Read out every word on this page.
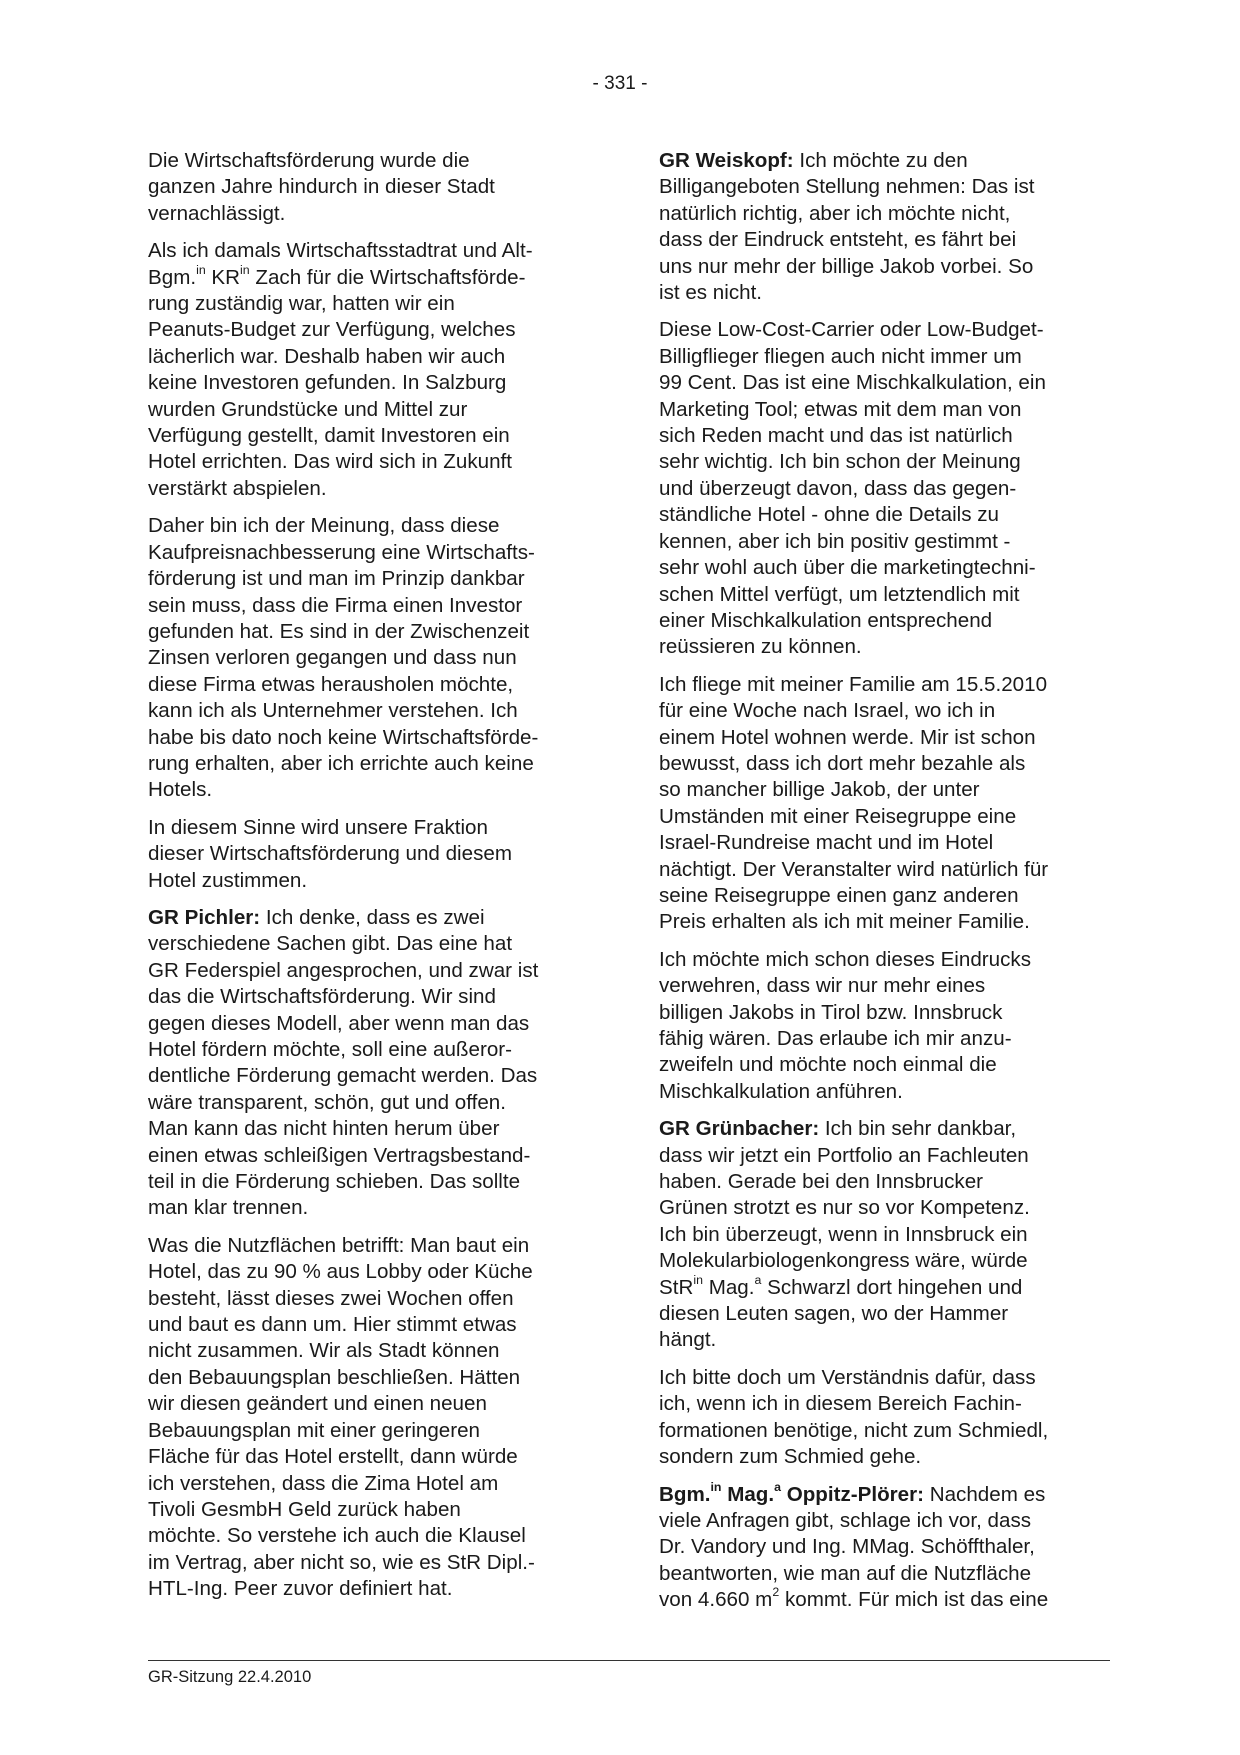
- 331 -

Die Wirtschaftsförderung wurde die
ganzen Jahre hindurch in dieser Stadt
vernachlässigt.

Als ich damals Wirtschaftsstadtrat und Alt-
Bgm.$^{in}$ $KR^{in}$ Zach für die Wirtschaftsförde-
rung zuständig war, hatten wir ein
Peanuts-Budget zur Verfügung, welches
lächerlich war. Deshalb haben wir auch
keine Investoren gefunden. In Salzburg
wurden Grundstücke und Mittel zur
Verfügung gestellt, damit Investoren ein
Hotel errichten. Das wird sich in Zukunft
verstärkt abspielen.

Daher bin ich der Meinung, dass diese
Kaufpreisnachbesserung eine Wirtschafts-
förderung ist und man im Prinzip dankbar
sein muss, dass die Firma einen Investor
gefunden hat. Es sind in der Zwischenzeit
Zinsen verloren gegangen und dass nun
diese Firma etwas herausholen möchte,
kann ich als Unternehmer verstehen. Ich
habe bis dato noch keine Wirtschaftsförde-
rung erhalten, aber ich errichte auch keine
Hotels.

In diesem Sinne wird unsere Fraktion
dieser Wirtschaftsförderung und diesem
Hotel zustimmen.

GR Pichler: Ich denke, dass es zwei
verschiedene Sachen gibt. Das eine hat
GR Federspiel angesprochen, und zwar ist
das die Wirtschaftsförderung. Wir sind
gegen dieses Modell, aber wenn man das
Hotel fördern möchte, soll eine außeror-
dentliche Förderung gemacht werden. Das
wäre transparent, schön, gut und offen.
Man kann das nicht hinten herum über
einen etwas schleißigen Vertragsbestand-
teil in die Förderung schieben. Das sollte
man klar trennen.

Was die Nutzflächen betrifft: Man baut ein
Hotel, das zu 90 % aus Lobby oder Küche
besteht, lässt dieses zwei Wochen offen
und baut es dann um. Hier stimmt etwas
nicht zusammen. Wir als Stadt können
den Bebauungsplan beschließen. Hätten
wir diesen geändert und einen neuen
Bebauungsplan mit einer geringeren
Fläche für das Hotel erstellt, dann würde
ich verstehen, dass die Zima Hotel am
Tivoli GesmbH Geld zurück haben
möchte. So verstehe ich auch die Klausel
im Vertrag, aber nicht so, wie es StR Dipl.-
HTL-Ing. Peer zuvor definiert hat.

GR Weiskopf: Ich möchte zu den
Billigangeboten Stellung nehmen: Das ist
natürlich richtig, aber ich möchte nicht,
dass der Eindruck entsteht, es fährt bei
uns nur mehr der billige Jakob vorbei. So
ist es nicht.

Diese Low-Cost-Carrier oder Low-Budget-
Billigflieger fliegen auch nicht immer um
99 Cent. Das ist eine Mischkalkulation, ein
Marketing Tool; etwas mit dem man von
sich Reden macht und das ist natürlich
sehr wichtig. Ich bin schon der Meinung
und überzeugt davon, dass das gegen-
ständliche Hotel - ohne die Details zu
kennen, aber ich bin positiv gestimmt -
sehr wohl auch über die marketingtechni-
schen Mittel verfügt, um letztendlich mit
einer Mischkalkulation entsprechend
reüssieren zu können.

Ich fliege mit meiner Familie am 15.5.2010
für eine Woche nach Israel, wo ich in
einem Hotel wohnen werde. Mir ist schon
bewusst, dass ich dort mehr bezahle als
so mancher billige Jakob, der unter
Umständen mit einer Reisegruppe eine
Israel-Rundreise macht und im Hotel
nächtigt. Der Veranstalter wird natürlich für
seine Reisegruppe einen ganz anderen
Preis erhalten als ich mit meiner Familie.

Ich möchte mich schon dieses Eindrucks
verwehren, dass wir nur mehr eines
billigen Jakobs in Tirol bzw. Innsbruck
fähig wären. Das erlaube ich mir anzu-
zweifeln und möchte noch einmal die
Mischkalkulation anführen.

GR Grünbacher: Ich bin sehr dankbar,
dass wir jetzt ein Portfolio an Fachleuten
haben. Gerade bei den Innsbrucker
Grünen strotzt es nur so vor Kompetenz.
Ich bin überzeugt, wenn in Innsbruck ein
Molekularbiologenkongress wäre, würde
StR$^{in}$ Mag.$^a$ Schwarzl dort hingehen und
diesen Leuten sagen, wo der Hammer
hängt.

Ich bitte doch um Verständnis dafür, dass
ich, wenn ich in diesem Bereich Fachin-
formationen benötige, nicht zum Schmiedl,
sondern zum Schmied gehe.

Bgm.$^{in}$ Mag.$^a$ Oppitz-Plörer: Nachdem es
viele Anfragen gibt, schlage ich vor, dass
Dr. Vandory und Ing. MMag. Schöffthaler,
beantworten, wie man auf die Nutzfläche
von 4.660 $m^2$ kommt. Für mich ist das eine

GR-Sitzung 22.4.2010
